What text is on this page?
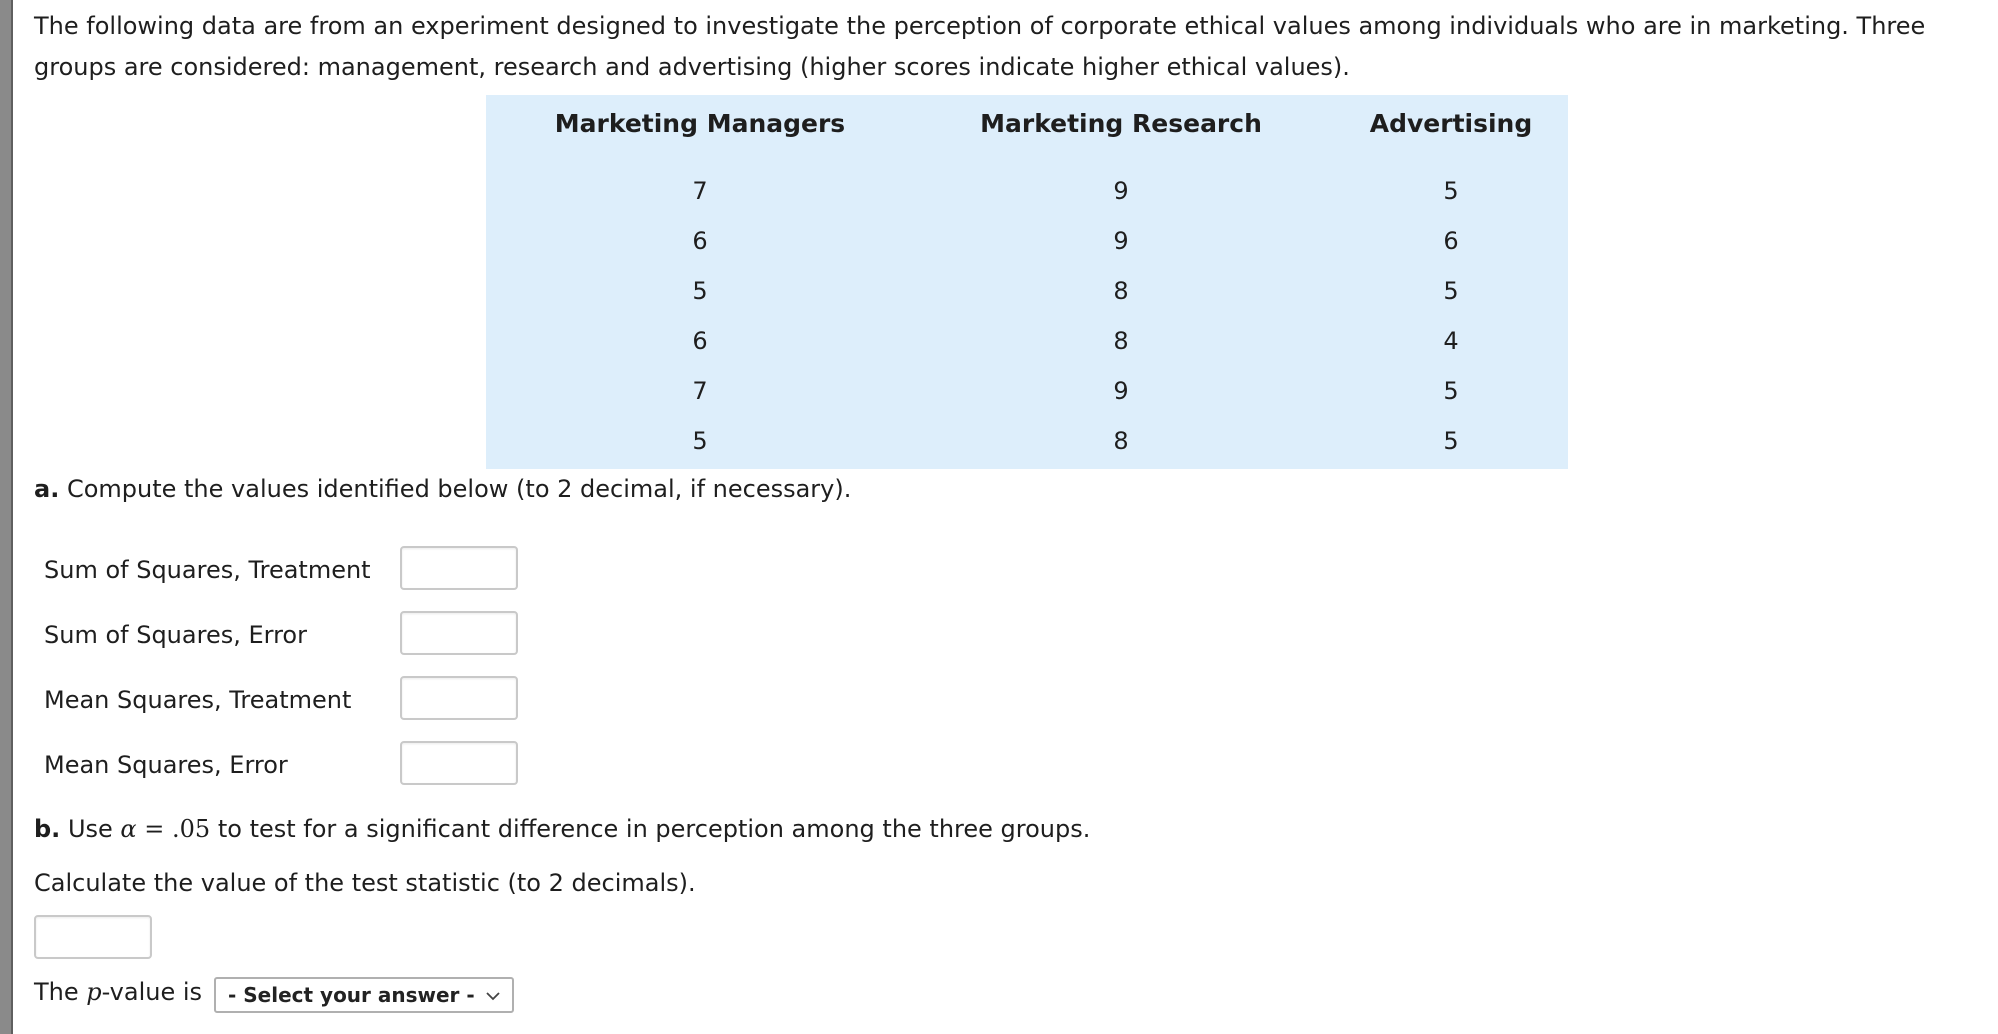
The following data are from an experiment designed to investigate the perception of corporate ethical values among individuals who are in marketing. Three groups are considered: management, research and advertising (higher scores indicate higher ethical values).

Marketing Managers	Marketing Research	Advertising
7
6
5
6
7
5
9
9
8
8
9
8
5
6
5
4
5
5
a. Compute the values identified below (to 2 decimal, if necessary).
Sum of Squares, Treatment
Sum of Squares, Error
Mean Squares, Treatment
Mean Squares, Error
b. Use α = .05 to test for a significant difference in perception among the three groups.
Calculate the value of the test statistic (to 2 decimals).
The p-value is - Select your answer -
